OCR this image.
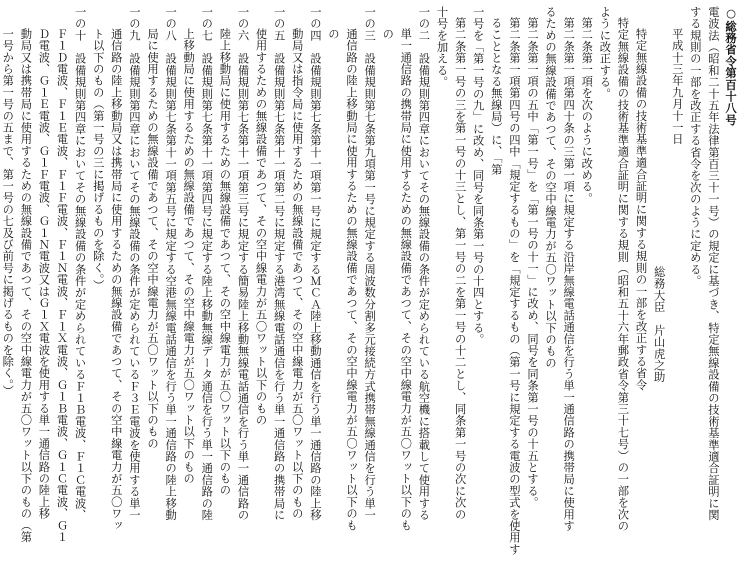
○総務省令第百十八号
電波法（昭和二十五年法律第百三十一号）の規定に基づき、特定無線設備の技術基準適合証明に関
する規則の一部を改正する省令を次のように定める。
平成十三年九月十一日
総務大臣　片山虎之助
特定無線設備の技術基準適合証明に関する規則の一部を改正する省令
特定無線設備の技術基準適合証明に関する規則（昭和五十六年郵政省令第三十七号）の一部を次の
ように改正する。
第二条第一項を次のように改める。
第二条第一項第四十条の三第一項に規定する沿岸無線電話通信を行う単一通信路の携帯局に使用す
るための無線設備であつて、その空中線電力が五〇ワット以下のもの
第二条第一項の五中「第一号」を「第一号の十一」に改め、同号を同条第一号の十五とする。
第二条第一項第四号の四中「規定するもの」を「規定するもの（第一号に規定する電波の型式を使用することとなる無線局）に、「第
一号を「第一号の九」に改め、同号を同条第一号の十四とする。
第二条第一号の三を第一号の十三とし、第一号の二を第一号の十二とし、同条第一号の次に次の
十号を加える。
一の二　設備規則第四章においてその無線設備の条件が定められている航空機に搭載して使用する
単一通信路の携帯局に使用するための無線設備であつて、その空中線電力が五〇ワット以下のも
の
一の三　設備規則第七条第九項第一号に規定する周波数分割多元接続方式携帯無線通信を行う単一
通信路の陸上移動局に使用するための無線設備であつて、その空中線電力が五〇ワット以下のも
の
一の四　設備規則第七条第十一項第一号に規定するＭＣＡ陸上移動通信を行う単一通信路の陸上移
動局又は指令局に使用するための無線設備であつて、その空中線電力が五〇ワット以下のもの
一の五　設備規則第七条第十一項第二号に規定する港湾無線電話通信を行う単一通信路の携帯局に
使用するための無線設備であつて、その空中線電力が五〇ワット以下のもの
一の六　設備規則第七条第十一項第三号に規定する簡易陸上移動無線電話通信を行う単一通信路の
陸上移動局に使用するための無線設備であつて、その空中線電力が五〇ワット以下のもの
一の七　設備規則第七条第十一項第四号に規定する陸上移動無線データ通信を行う単一通信路の陸
上移動局に使用するための無線設備であつて、その空中線電力が五〇ワット以下のもの
一の八　設備規則第七条第十一項第五号に規定する空港無線電話通信を行う単一通信路の陸上移動
局に使用するための無線設備であつて、その空中線電力が五〇ワット以下のもの
一の九　設備規則第四章においてその無線設備の条件が定められているＦ３Ｅ電波を使用する単一
通信路の陸上移動局又は携帯局に使用するための無線設備であつて、その空中線電力が五〇ワッ
ト以下のもの（第一号の三に掲げるものを除く。）
一の十　設備規則第四章においてその無線設備の条件が定められているＦ１Ｂ電波、Ｆ１Ｃ電波、
Ｆ１Ｄ電波、Ｆ１Ｅ電波、Ｆ１Ｆ電波、Ｆ１Ｎ電波、Ｆ１Ｘ電波、Ｇ１Ｂ電波、Ｇ１Ｃ電波、Ｇ１
Ｄ電波、Ｇ１Ｅ電波、Ｇ１Ｆ電波、Ｇ１Ｎ電波又はＧ１Ｘ電波を使用する単一通信路の陸上移
動局又は携帯局に使用するための無線設備であつて、その空中線電力が五〇ワット以下のもの（第
一号から第一号の五まで、第一号の七及び前号に掲げるものを除く。）
